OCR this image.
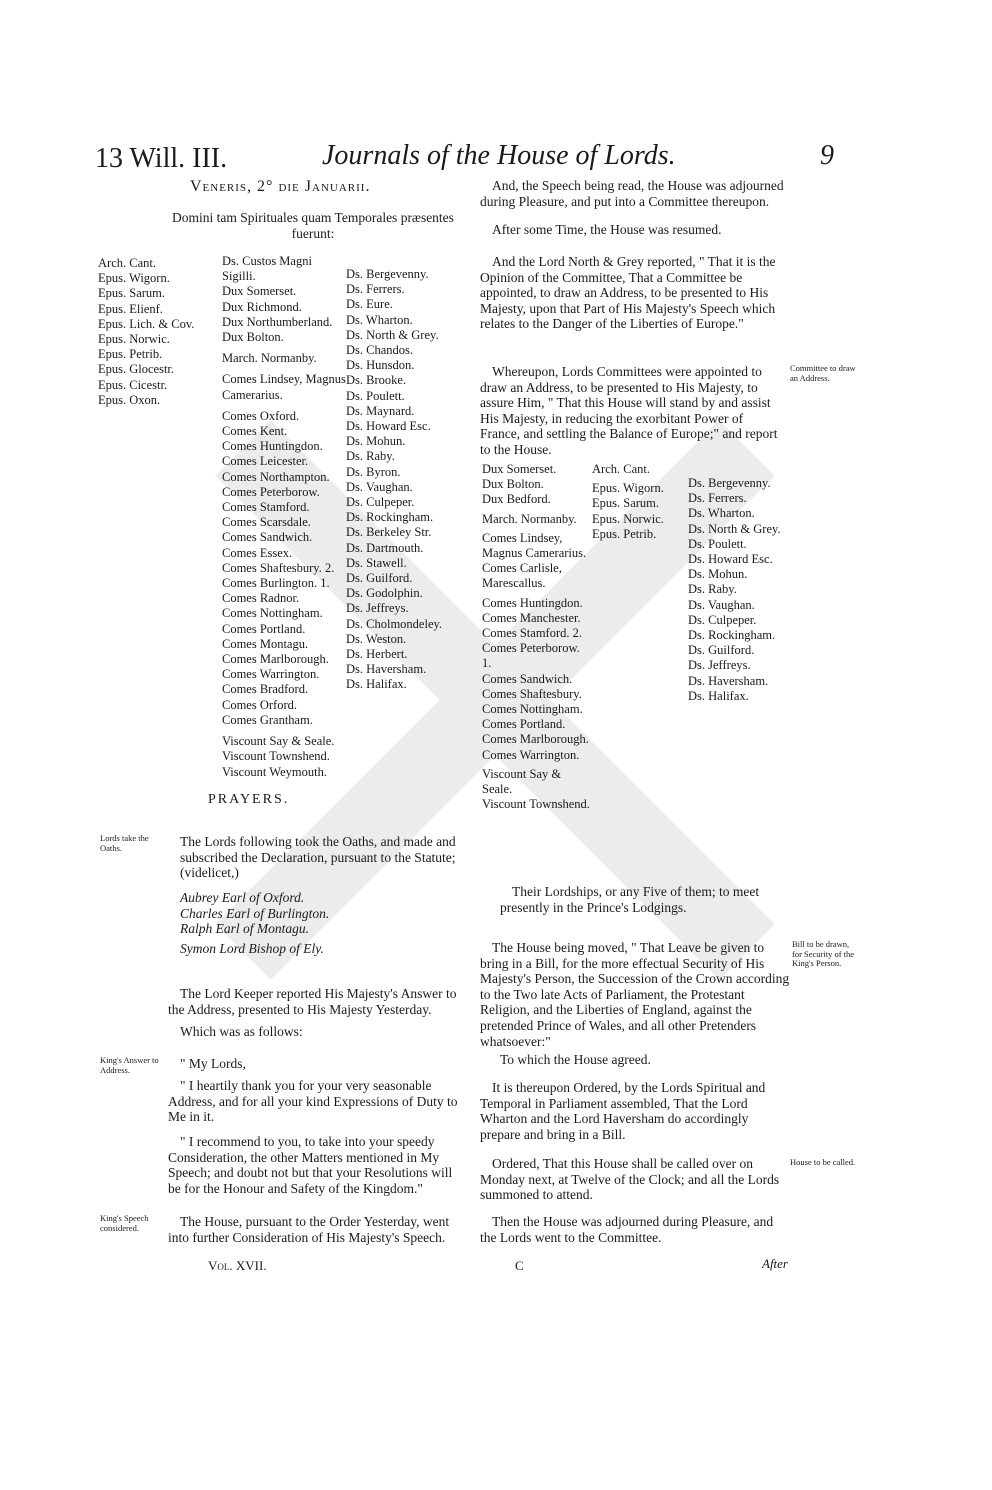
13 Will. III.	Journals of the House of Lords.	9
Veneris, 2° die Januarii.
Domini tam Spirituales quam Temporales præsentes fuerunt:
Arch. Cant.
Epus. Wigorn.
Epus. Sarum.
Epus. Elienf.
Epus. Lich. & Cov.
Epus. Norwic.
Epus. Petrib.
Epus. Glocestr.
Epus. Cicestr.
Epus. Oxon.
Ds. Custos Magni Sigilli.
Dux Somerset.
Dux Richmond.
Dux Northumberland.
Dux Bolton.
March. Normanby.
Comes Lindsey, Magnus Camerarius.
Comes Oxford.
Comes Kent.
Comes Huntingdon.
Comes Leicester.
Comes Northampton.
Comes Peterborow.
Comes Stamford.
Comes Scarsdale.
Comes Sandwich.
Comes Essex.
Comes Shaftesbury. 2.
Comes Burlington. 1.
Comes Radnor.
Comes Nottingham.
Comes Portland.
Comes Montagu.
Comes Marlborough.
Comes Warrington.
Comes Bradford.
Comes Orford.
Comes Grantham.
Viscount Say & Seale.
Viscount Townshend.
Viscount Weymouth.
Ds. Bergevenny.
Ds. Ferrers.
Ds. Eure.
Ds. Wharton.
Ds. North & Grey.
Ds. Chandos.
Ds. Hunsdon.
Ds. Brooke.
Ds. Poulett.
Ds. Maynard.
Ds. Howard Esc.
Ds. Mohun.
Ds. Raby.
Ds. Byron.
Ds. Vaughan.
Ds. Culpeper.
Ds. Rockingham.
Ds. Berkeley Str.
Ds. Dartmouth.
Ds. Stawell.
Ds. Guilford.
Ds. Godolphin.
Ds. Jeffreys.
Ds. Cholmondeley.
Ds. Weston.
Ds. Herbert.
Ds. Haversham.
Ds. Halifax.
PRAYERS.
Lords take the Oaths.	The Lords following took the Oaths, and made and subscribed the Declaration, pursuant to the Statute; (videlicet,)
Aubrey Earl of Oxford.
Charles Earl of Burlington.
Ralph Earl of Montagu.
Symon Lord Bishop of Ely.
The Lord Keeper reported His Majesty's Answer to the Address, presented to His Majesty Yesterday.
Which was as follows:
King's Answer to Address.	" My Lords,
" I heartily thank you for your very seasonable Address, and for all your kind Expressions of Duty to Me in it.
" I recommend to you, to take into your speedy Consideration, the other Matters mentioned in My Speech; and doubt not but that your Resolutions will be for the Honour and Safety of the Kingdom."
King's Speech considered.	The House, pursuant to the Order Yesterday, went into further Consideration of His Majesty's Speech.
Vol. XVII.
And, the Speech being read, the House was adjourned during Pleasure, and put into a Committee thereupon.
After some Time, the House was resumed.
And the Lord North & Grey reported, " That it is the Opinion of the Committee, That a Committee be appointed, to draw an Address, to be presented to His Majesty, upon that Part of His Majesty's Speech which relates to the Danger of the Liberties of Europe."
Whereupon, Lords Committees were appointed to draw an Address, to be presented to His Majesty, to assure Him, " That this House will stand by and assist His Majesty, in reducing the exorbitant Power of France, and settling the Balance of Europe;" and report to the House.
Committee to draw an Address.
Dux Somerset.
Dux Bolton.
Dux Bedford.
March. Normanby.
Comes Lindsey, Magnus Camerarius.
Comes Carlisle, Marescallus.
Comes Huntingdon.
Comes Manchester.
Comes Stamford. 2.
Comes Peterborow. 1.
Comes Sandwich.
Comes Shaftesbury.
Comes Nottingham.
Comes Portland.
Comes Marlborough.
Comes Warrington.
Viscount Say & Seale.
Viscount Townshend.
Arch. Cant.
Epus. Wigorn.
Epus. Sarum.
Epus. Norwic.
Epus. Petrib.
Ds. Bergevenny.
Ds. Ferrers.
Ds. Wharton.
Ds. North & Grey.
Ds. Poulett.
Ds. Howard Esc.
Ds. Mohun.
Ds. Raby.
Ds. Vaughan.
Ds. Culpeper.
Ds. Rockingham.
Ds. Guilford.
Ds. Jeffreys.
Ds. Haversham.
Ds. Halifax.
Their Lordships, or any Five of them; to meet presently in the Prince's Lodgings.
The House being moved, " That Leave be given to bring in a Bill, for the more effectual Security of His Majesty's Person, the Succession of the Crown according to the Two late Acts of Parliament, the Protestant Religion, and the Liberties of England, against the pretended Prince of Wales, and all other Pretenders whatsoever:"
Bill to be drawn, for Security of the King's Person.
To which the House agreed.
It is thereupon Ordered, by the Lords Spiritual and Temporal in Parliament assembled, That the Lord Wharton and the Lord Haversham do accordingly prepare and bring in a Bill.
Ordered, That this House shall be called over on Monday next, at Twelve of the Clock; and all the Lords summoned to attend.
House to be called.
Then the House was adjourned during Pleasure, and the Lords went to the Committee.
C	After
